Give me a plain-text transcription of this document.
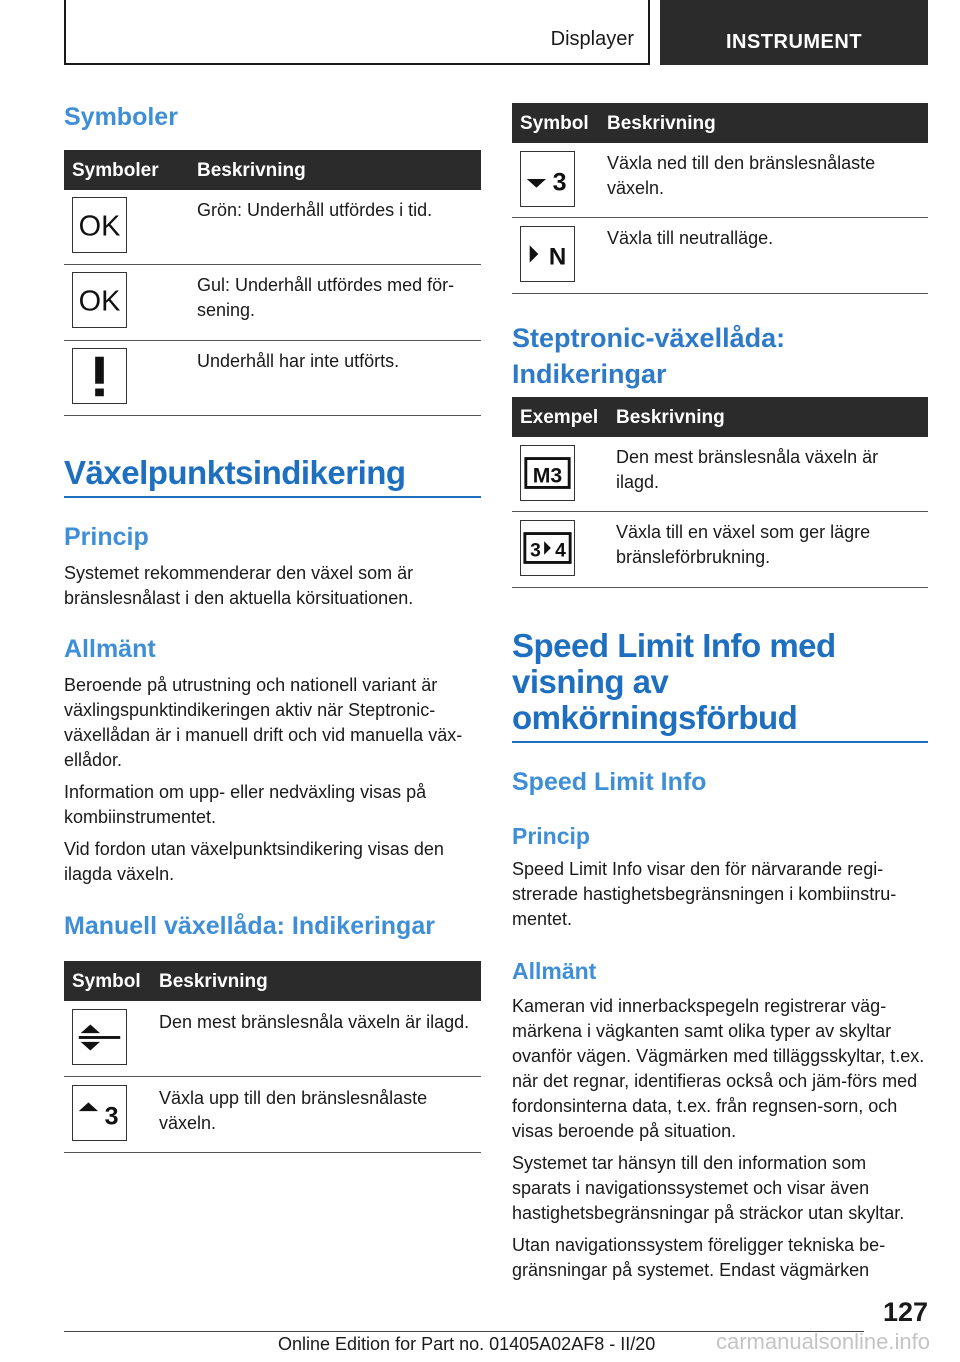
Displayer	INSTRUMENT
Symboler
Symboler Beskrivning
OK
Grön: Underhåll utfördes i tid.
OK
Gul: Underhåll utfördes med för-sening.
Underhåll har inte utförts.
Växelpunktsindikering
Princip
Systemet rekommenderar den växel som är bränslesnålast i den aktuella körsituationen.
Allmänt
Beroende på utrustning och nationell variant är växlingspunktindikeringen aktiv när Steptronic-växellådan är i manuell drift och vid manuella väx-ellådor.
Information om upp- eller nedväxling visas på kombiinstrumentet.
Vid fordon utan växelpunktsindikering visas den ilagda växeln.
Manuell växellåda: Indikeringar
Symbol Beskrivning
Den mest bränslesnåla växeln är ilagd.
3
Växla upp till den bränslesnålaste växeln.
Symbol Beskrivning
3
Växla ned till den bränslesnålaste växeln.
N
Växla till neutralläge.
Steptronic-växellåda: Indikeringar
Exempel Beskrivning
M3
Den mest bränslesnåla växeln är ilagd.
3 4
Växla till en växel som ger lägre bränsleförbrukning.
Speed Limit Info med visning av omkörningsförbud
Speed Limit Info
Princip
Speed Limit Info visar den för närvarande regi-strerade hastighetsbegränsningen i kombiinstru-mentet.
Allmänt
Kameran vid innerbackspegeln registrerar väg-märkena i vägkanten samt olika typer av skyltar ovanför vägen. Vägmärken med tilläggsskyltar, t.ex. när det regnar, identifieras också och jäm-förs med fordonsinterna data, t.ex. från regnsen-sorn, och visas beroende på situation.
Systemet tar hänsyn till den information som sparats i navigationssystemet och visar även hastighetsbegränsningar på sträckor utan skyltar.
Utan navigationssystem föreligger tekniska be-gränsningar på systemet. Endast vägmärken
127
Online Edition for Part no. 01405A02AF8 - II/20	carmanualsonline.info
